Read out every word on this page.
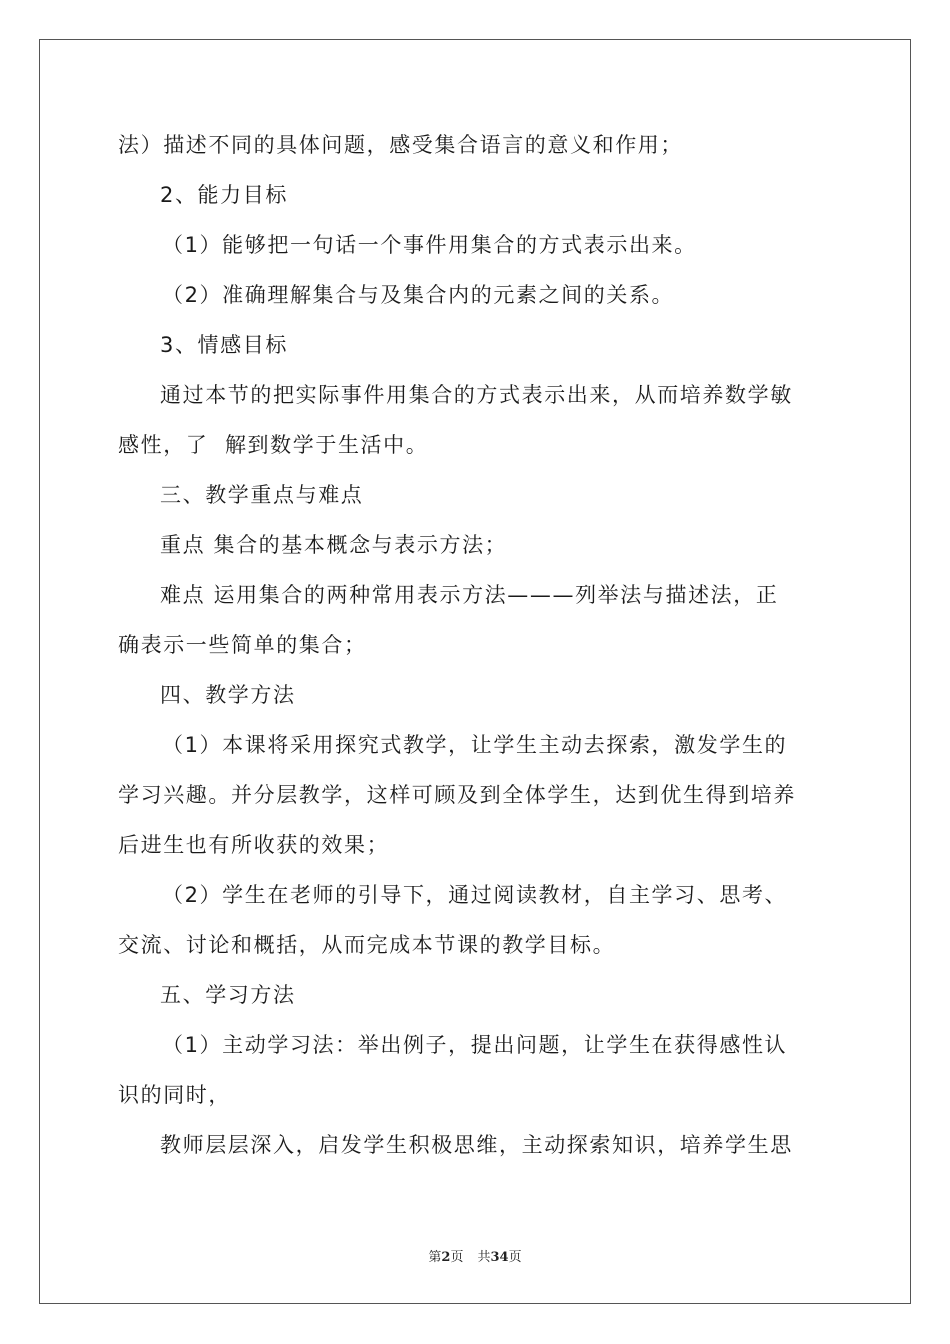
法）描述不同的具体问题，感受集合语言的意义和作用；
2、能力目标
（1）能够把一句话一个事件用集合的方式表示出来。
（2）准确理解集合与及集合内的元素之间的关系。
3、情感目标
通过本节的把实际事件用集合的方式表示出来，从而培养数学敏
感性，了  解到数学于生活中。
三、教学重点与难点
重点 集合的基本概念与表示方法；
难点 运用集合的两种常用表示方法———列举法与描述法，正
确表示一些简单的集合；
四、教学方法
（1）本课将采用探究式教学，让学生主动去探索，激发学生的
学习兴趣。并分层教学，这样可顾及到全体学生，达到优生得到培养
后进生也有所收获的效果；
（2）学生在老师的引导下，通过阅读教材，自主学习、思考、
交流、讨论和概括，从而完成本节课的教学目标。
五、学习方法
（1）主动学习法：举出例子，提出问题，让学生在获得感性认
识的同时，
教师层层深入，启发学生积极思维，主动探索知识，培养学生思
第2页 共34页
